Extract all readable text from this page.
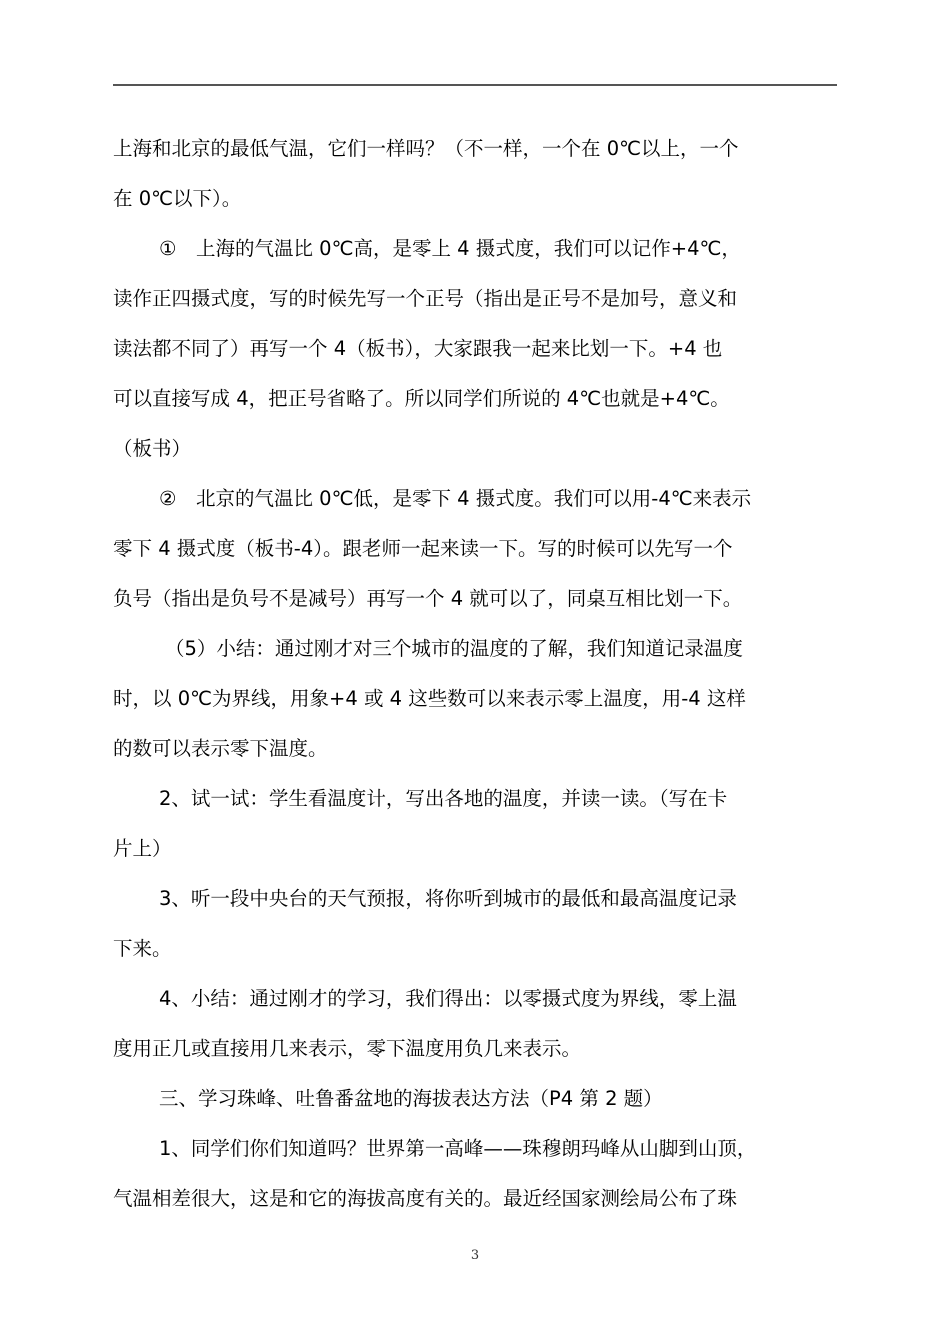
上海和北京的最低气温，它们一样吗？（不一样，一个在 0℃以上，一个
在 0℃以下）。
①　上海的气温比 0℃高，是零上 4 摄式度，我们可以记作+4℃，
读作正四摄式度，写的时候先写一个正号（指出是正号不是加号，意义和
读法都不同了）再写一个 4（板书），大家跟我一起来比划一下。+4 也
可以直接写成 4，把正号省略了。所以同学们所说的 4℃也就是+4℃。
（板书）
②　北京的气温比 0℃低，是零下 4 摄式度。我们可以用-4℃来表示
零下 4 摄式度（板书-4）。跟老师一起来读一下。写的时候可以先写一个
负号（指出是负号不是减号）再写一个 4 就可以了，同桌互相比划一下。
（5）小结：通过刚才对三个城市的温度的了解，我们知道记录温度
时，以 0℃为界线，用象+4 或 4 这些数可以来表示零上温度，用-4 这样
的数可以表示零下温度。
2、试一试：学生看温度计，写出各地的温度，并读一读。（写在卡
片上）
3、听一段中央台的天气预报，将你听到城市的最低和最高温度记录
下来。
4、小结：通过刚才的学习，我们得出：以零摄式度为界线，零上温
度用正几或直接用几来表示，零下温度用负几来表示。
三、学习珠峰、吐鲁番盆地的海拔表达方法（P4 第 2 题）
1、同学们你们知道吗？世界第一高峰——珠穆朗玛峰从山脚到山顶，
气温相差很大，这是和它的海拔高度有关的。最近经国家测绘局公布了珠
3
